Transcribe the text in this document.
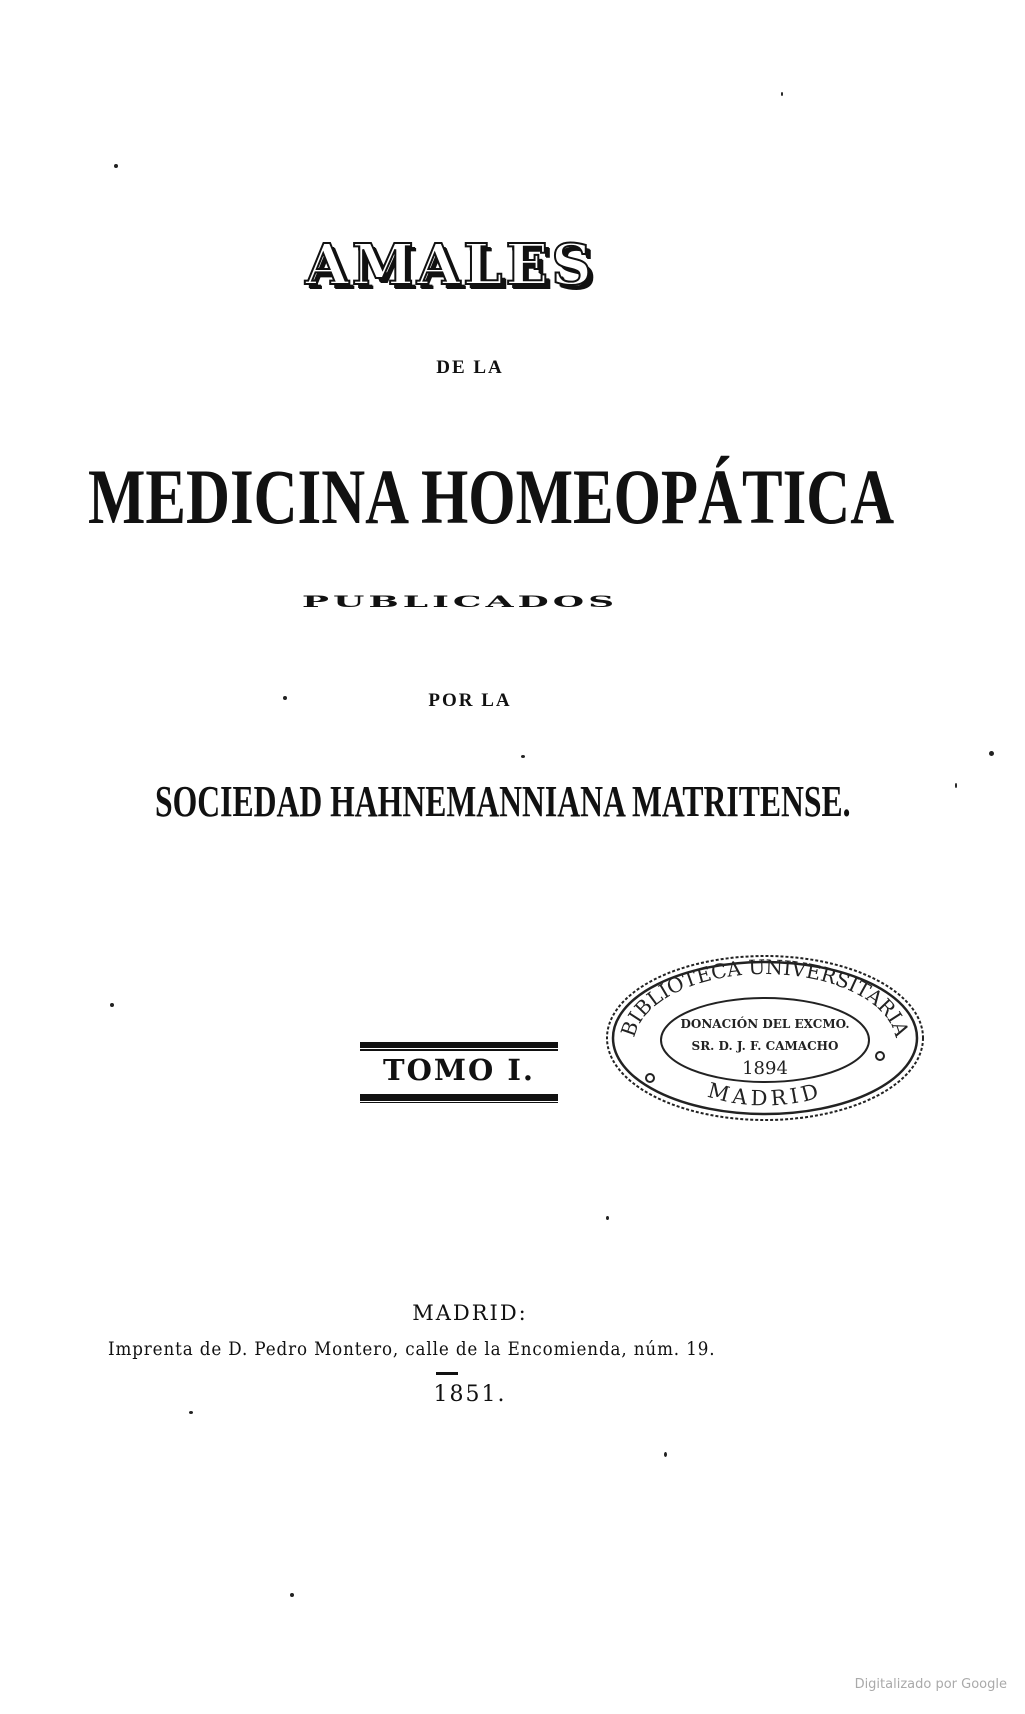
AMALES
DE LA
MEDICINA HOMEOPÁTICA
PUBLICADOS
POR LA
SOCIEDAD HAHNEMANNIANA MATRITENSE.
TOMO I.
BIBLIOTECA UNIVERSITARIA
DONACIÓN DEL EXCMO.
SR. D. J. F. CAMACHO
1894
MADRID
MADRID:
Imprenta de D. Pedro Montero, calle de la Encomienda, núm. 19.
1851.
Digitalizado por Google
